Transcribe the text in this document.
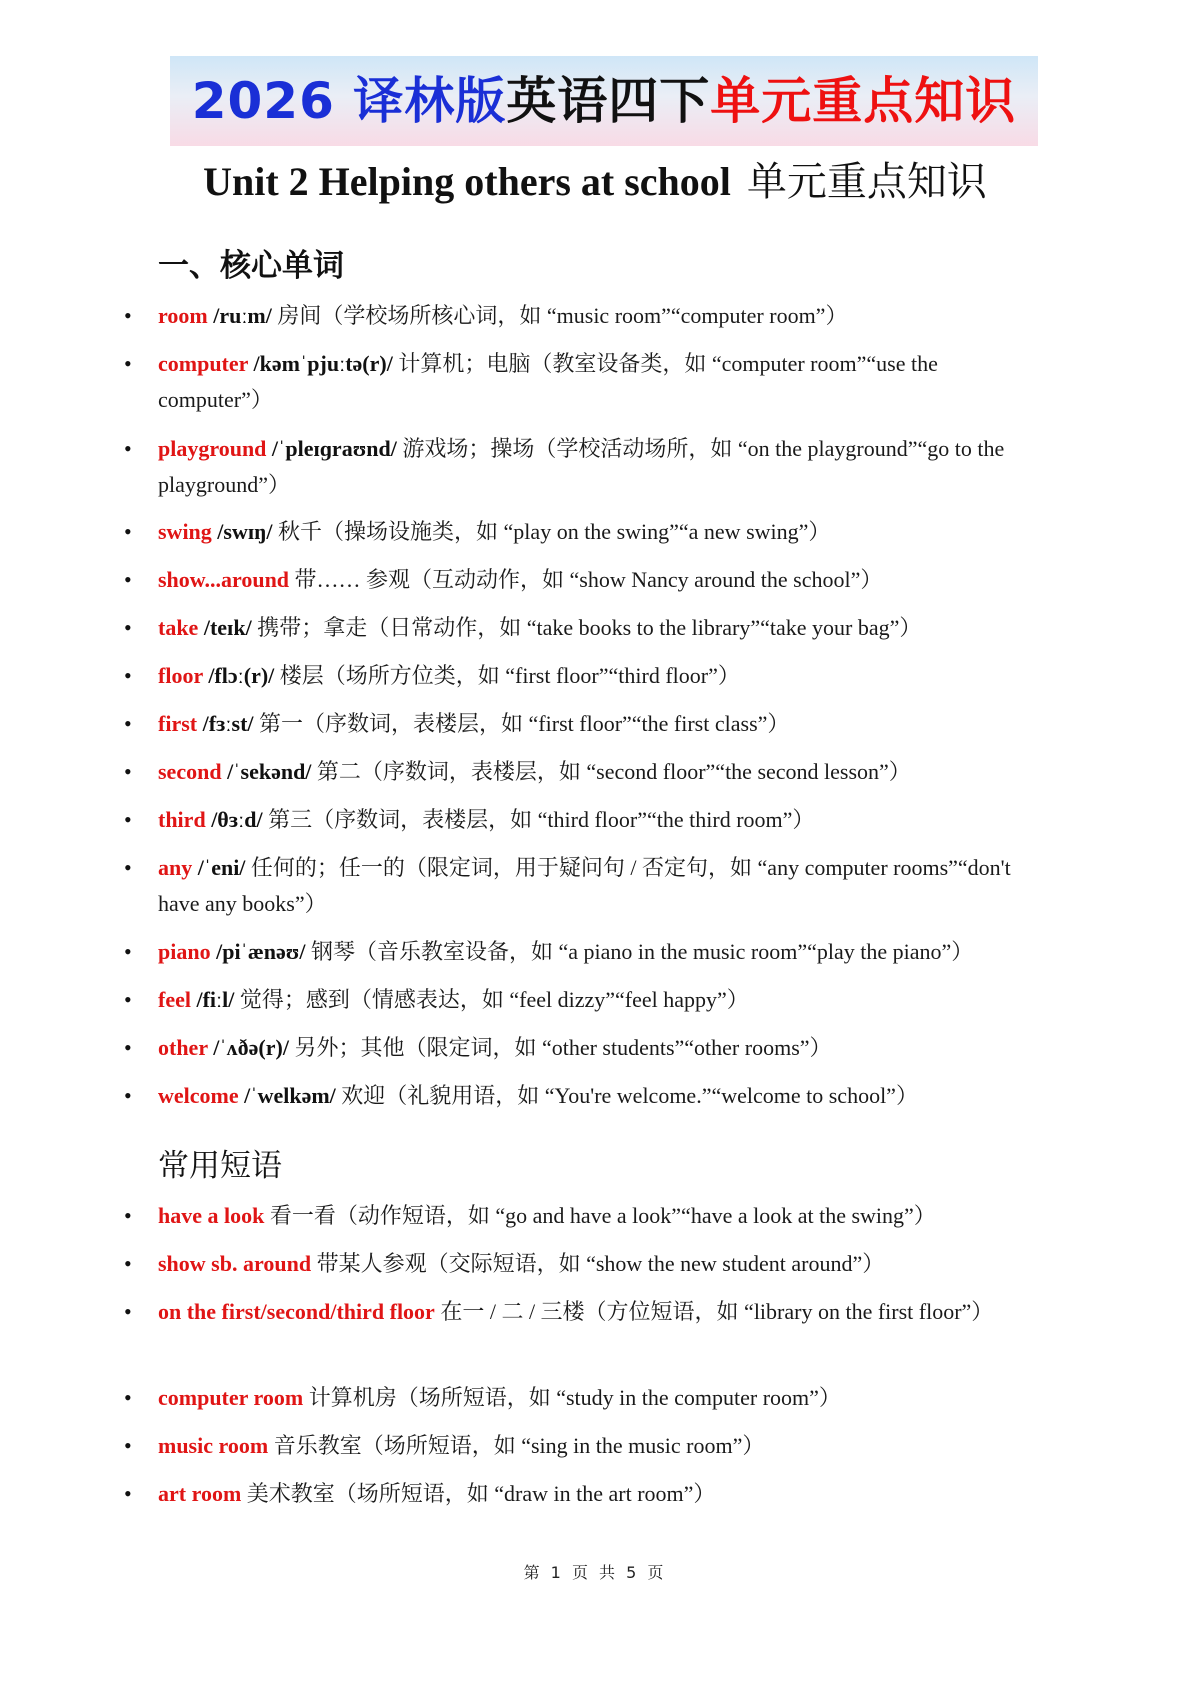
2026 译林版英语四下单元重点知识
Unit 2 Helping others at school 单元重点知识
一、核心单词
• room /ruːm/ 房间（学校场所核心词，如 “music room”“computer room”）
• computer /kəmˈpjuːtə(r)/ 计算机；电脑（教室设备类，如 “computer room”“use the computer”）
• playground /ˈpleɪɡraʊnd/ 游戏场；操场（学校活动场所，如 “on the playground”“go to the playground”）
• swing /swɪŋ/ 秋千（操场设施类，如 “play on the swing”“a new swing”）
• show...around 带…… 参观（互动动作，如 “show Nancy around the school”）
• take /teɪk/ 携带；拿走（日常动作，如 “take books to the library”“take your bag”）
• floor /flɔː(r)/ 楼层（场所方位类，如 “first floor”“third floor”）
• first /fɜːst/ 第一（序数词，表楼层，如 “first floor”“the first class”）
• second /ˈsekənd/ 第二（序数词，表楼层，如 “second floor”“the second lesson”）
• third /θɜːd/ 第三（序数词，表楼层，如 “third floor”“the third room”）
• any /ˈeni/ 任何的；任一的（限定词，用于疑问句 / 否定句，如 “any computer rooms”“don't have any books”）
• piano /piˈænəʊ/ 钢琴（音乐教室设备，如 “a piano in the music room”“play the piano”）
• feel /fiːl/ 觉得；感到（情感表达，如 “feel dizzy”“feel happy”）
• other /ˈʌðə(r)/ 另外；其他（限定词，如 “other students”“other rooms”）
• welcome /ˈwelkəm/ 欢迎（礼貌用语，如 “You're welcome.”“welcome to school”）
常用短语
• have a look 看一看（动作短语，如 “go and have a look”“have a look at the swing”）
• show sb. around 带某人参观（交际短语，如 “show the new student around”）
• on the first/second/third floor 在一 / 二 / 三楼（方位短语，如 “library on the first floor”）
• computer room 计算机房（场所短语，如 “study in the computer room”）
• music room 音乐教室（场所短语，如 “sing in the music room”）
• art room 美术教室（场所短语，如 “draw in the art room”）
第 1 页 共 5 页
